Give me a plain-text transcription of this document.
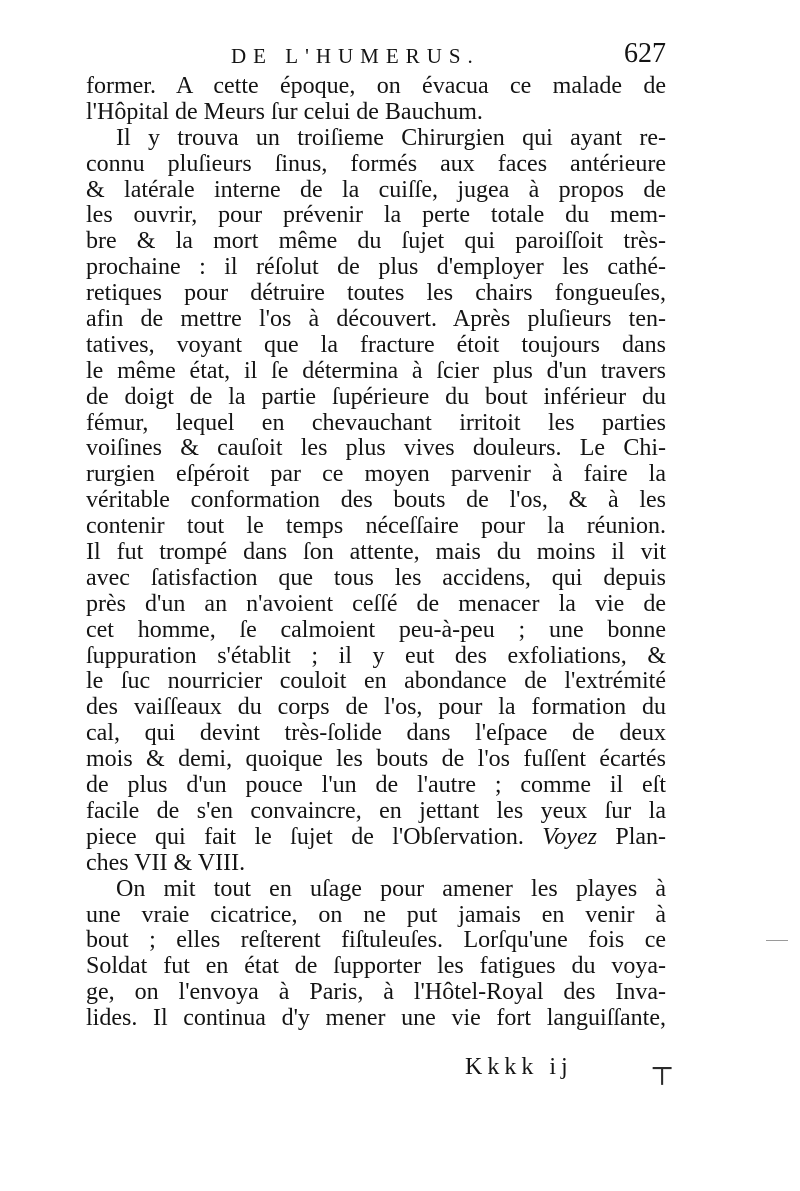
DE L'HUMERUS.	627
former. A cette époque, on évacua ce malade de
l'Hôpital de Meurs ſur celui de Bauchum.
Il y trouva un troiſieme Chirurgien qui ayant re-
connu pluſieurs ſinus, formés aux faces antérieure
& latérale interne de la cuiſſe, jugea à propos de
les ouvrir, pour prévenir la perte totale du mem-
bre & la mort même du ſujet qui paroiſſoit très-
prochaine : il réſolut de plus d'employer les cathé-
retiques pour détruire toutes les chairs fongueuſes,
afin de mettre l'os à découvert. Après pluſieurs ten-
tatives, voyant que la fracture étoit toujours dans
le même état, il ſe détermina à ſcier plus d'un travers
de doigt de la partie ſupérieure du bout inférieur du
fémur, lequel en chevauchant irritoit les parties
voiſines & cauſoit les plus vives douleurs. Le Chi-
rurgien eſpéroit par ce moyen parvenir à faire la
véritable conformation des bouts de l'os, & à les
contenir tout le temps néceſſaire pour la réunion.
Il fut trompé dans ſon attente, mais du moins il vit
avec ſatisfaction que tous les accidens, qui depuis
près d'un an n'avoient ceſſé de menacer la vie de
cet homme, ſe calmoient peu-à-peu ; une bonne
ſuppuration s'établit ; il y eut des exfoliations, &
le ſuc nourricier couloit en abondance de l'extrémité
des vaiſſeaux du corps de l'os, pour la formation du
cal, qui devint très-ſolide dans l'eſpace de deux
mois & demi, quoique les bouts de l'os fuſſent écartés
de plus d'un pouce l'un de l'autre ; comme il eſt
facile de s'en convaincre, en jettant les yeux ſur la
piece qui fait le ſujet de l'Obſervation. Voyez Plan-
ches VII & VIII.
On mit tout en uſage pour amener les playes à
une vraie cicatrice, on ne put jamais en venir à
bout ; elles reſterent fiſtuleuſes. Lorſqu'une fois ce
Soldat fut en état de ſupporter les fatigues du voya-
ge, on l'envoya à Paris, à l'Hôtel-Royal des Inva-
lides. Il continua d'y mener une vie fort languiſſante,
Kkkk ij	⊤
